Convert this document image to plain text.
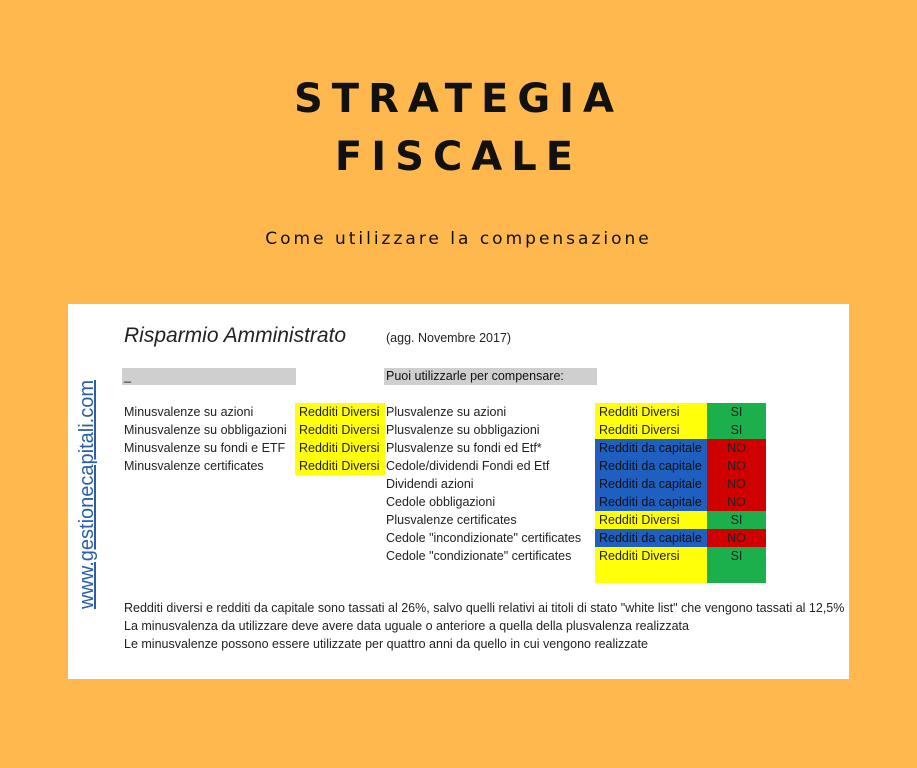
STRATEGIA
FISCALE
Come utilizzare la compensazione
www.gestionecapitali.com
Risparmio Amministrato	(agg. Novembre 2017)
_	Puoi utilizzarle per compensare:
Minusvalenze su azioni
Minusvalenze su obbligazioni
Minusvalenze su fondi e ETF
Minusvalenze certificates
Redditi Diversi
Redditi Diversi
Redditi Diversi
Redditi Diversi
Plusvalenze su azioni
Plusvalenze su obbligazioni
Plusvalenze su fondi ed Etf*
Cedole/dividendi Fondi ed Etf
Dividendi azioni
Cedole obbligazioni
Plusvalenze certificates
Cedole "incondizionate" certificates
Cedole "condizionate" certificates
Redditi Diversi
Redditi Diversi
Redditi da capitale
Redditi da capitale
Redditi da capitale
Redditi da capitale
Redditi Diversi
Redditi da capitale
Redditi Diversi
SI
SI
NO
NO
NO
NO
SI
NO
SI
Redditi diversi e redditi da capitale sono tassati al 26%, salvo quelli relativi ai titoli di stato "white list" che vengono tassati al 12,5%
La minusvalenza da utilizzare deve avere data uguale o anteriore a quella della plusvalenza realizzata
Le minusvalenze possono essere utilizzate per quattro anni da quello in cui vengono realizzate
